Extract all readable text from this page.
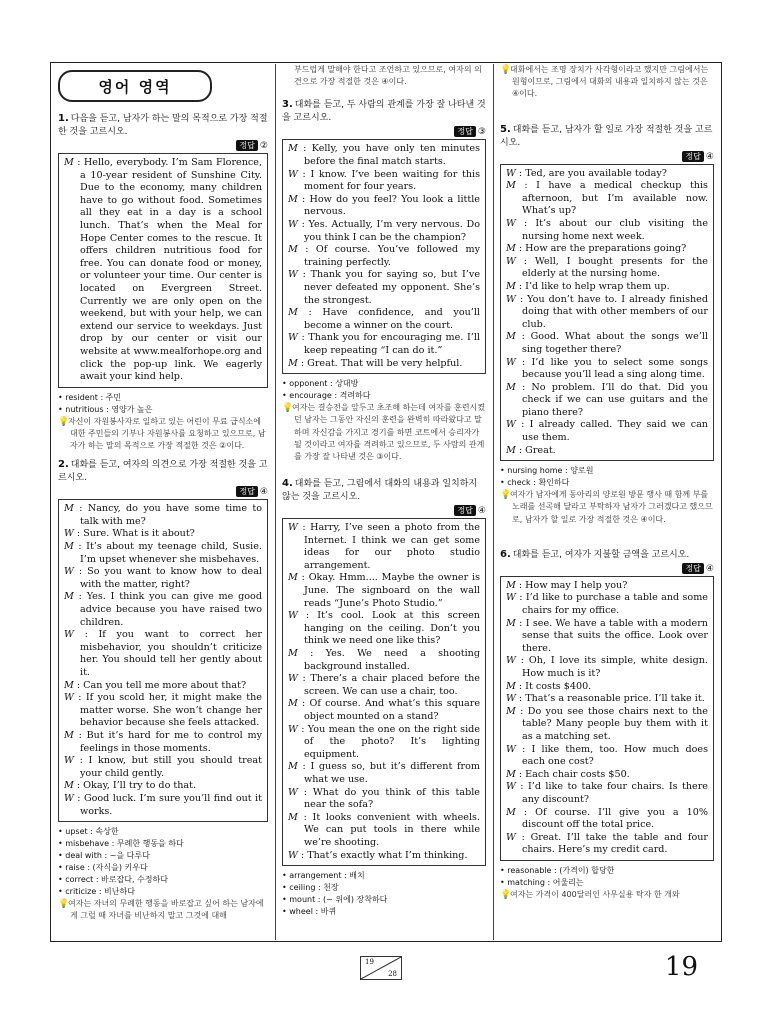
영어 영역

1. 다음을 듣고, 남자가 하는 말의 목적으로 가장 적절한 것을 고르시오.

정답 ②
M : Hello, everybody. I’m Sam Florence, a 10-year resident of Sunshine City. Due to the economy, many children have to go without food. Sometimes all they eat in a day is a school lunch. That’s when the Meal for Hope Center comes to the rescue. It offers children nutritious food for free. You can donate food or money, or volunteer your time. Our center is located on Evergreen Street. Currently we are only open on the weekend, but with your help, we can extend our service to weekdays. Just drop by our center or visit our website at www.mealforhope.org and click the pop-up link. We eagerly await your kind help.
• resident : 주민
• nutritious : 영양가 높은

💡자신이 자원봉사자로 일하고 있는 어린이 무료 급식소에 대한 주민들의 기부나 자원봉사를 요청하고 있으므로, 남자가 하는 말의 목적으로 가장 적절한 것은 ②이다.

2. 대화를 듣고, 여자의 의견으로 가장 적절한 것을 고르시오.

정답 ④
M : Nancy, do you have some time to talk with me?
W : Sure. What is it about?
M : It’s about my teenage child, Susie. I’m upset whenever she misbehaves.
W : So you want to know how to deal with the matter, right?
M : Yes. I think you can give me good advice because you have raised two children.
W : If you want to correct her misbehavior, you shouldn’t criticize her. You should tell her gently about it.
M : Can you tell me more about that?
W : If you scold her, it might make the matter worse. She won’t change her behavior because she feels attacked.
M : But it’s hard for me to control my feelings in those moments.
W : I know, but still you should treat your child gently.
M : Okay, I’ll try to do that.
W : Good luck. I’m sure you’ll find out it works.
• upset : 속상한
• misbehave : 무례한 행동을 하다
• deal with : ~을 다루다
• raise : (자식을) 키우다
• correct : 바로잡다, 수정하다
• criticize : 비난하다

💡여자는 자녀의 무례한 행동을 바로잡고 싶어 하는 남자에게 그럴 때 자녀를 비난하지 말고 그것에 대해

부드럽게 말해야 한다고 조언하고 있으므로, 여자의 의견으로 가장 적절한 것은 ④이다.

3. 대화를 듣고, 두 사람의 관계를 가장 잘 나타낸 것을 고르시오.

정답 ③
M : Kelly, you have only ten minutes before the final match starts.
W : I know. I’ve been waiting for this moment for four years.
M : How do you feel? You look a little nervous.
W : Yes. Actually, I’m very nervous. Do you think I can be the champion?
M : Of course. You’ve followed my training perfectly.
W : Thank you for saying so, but I’ve never defeated my opponent. She’s the strongest.
M : Have confidence, and you’ll become a winner on the court.
W : Thank you for encouraging me. I’ll keep repeating “I can do it.”
M : Great. That will be very helpful.
• opponent : 상대방
• encourage : 격려하다

💡여자는 결승전을 앞두고 초조해 하는데 여자를 훈련시켰던 남자는 그동안 자신의 훈련을 완벽히 따라왔다고 말하며 자신감을 가지고 경기를 하면 코트에서 승리자가 될 것이라고 여자를 격려하고 있으므로, 두 사람의 관계를 가장 잘 나타낸 것은 ③이다.

4. 대화를 듣고, 그림에서 대화의 내용과 일치하지 않는 것을 고르시오.

정답 ④
W : Harry, I’ve seen a photo from the Internet. I think we can get some ideas for our photo studio arrangement.
M : Okay. Hmm.... Maybe the owner is June. The signboard on the wall reads “June’s Photo Studio.”
W : It’s cool. Look at this screen hanging on the ceiling. Don’t you think we need one like this?
M : Yes. We need a shooting background installed.
W : There’s a chair placed before the screen. We can use a chair, too.
M : Of course. And what’s this square object mounted on a stand?
W : You mean the one on the right side of the photo? It’s lighting equipment.
M : I guess so, but it’s different from what we use.
W : What do you think of this table near the sofa?
M : It looks convenient with wheels. We can put tools in there while we’re shooting.
W : That’s exactly what I’m thinking.
• arrangement : 배치
• ceiling : 천장
• mount : (~ 위에) 장착하다
• wheel : 바퀴

💡대화에서는 조명 장치가 사각형이라고 했지만 그림에서는 원형이므로, 그림에서 대화의 내용과 일치하지 않는 것은 ④이다.

5. 대화를 듣고, 남자가 할 일로 가장 적절한 것을 고르시오.

정답 ④
W : Ted, are you available today?
M : I have a medical checkup this afternoon, but I’m available now. What’s up?
W : It’s about our club visiting the nursing home next week.
M : How are the preparations going?
W : Well, I bought presents for the elderly at the nursing home.
M : I’d like to help wrap them up.
W : You don’t have to. I already finished doing that with other members of our club.
M : Good. What about the songs we’ll sing together there?
W : I’d like you to select some songs because you’ll lead a sing along time.
M : No problem. I’ll do that. Did you check if we can use guitars and the piano there?
W : I already called. They said we can use them.
M : Great.
• nursing home : 양로원
• check : 확인하다

💡여자가 남자에게 동아리의 양로원 방문 행사 때 함께 부를 노래를 선곡해 달라고 부탁하자 남자가 그러겠다고 했으므로, 남자가 할 일로 가장 적절한 것은 ④이다.

6. 대화를 듣고, 여자가 지불할 금액을 고르시오.

정답 ④
M : How may I help you?
W : I’d like to purchase a table and some chairs for my office.
M : I see. We have a table with a modern sense that suits the office. Look over there.
W : Oh, I love its simple, white design. How much is it?
M : It costs $400.
W : That’s a reasonable price. I’ll take it.
M : Do you see those chairs next to the table? Many people buy them with it as a matching set.
W : I like them, too. How much does each one cost?
M : Each chair costs $50.
W : I’d like to take four chairs. Is there any discount?
M : Of course. I’ll give you a 10% discount off the total price.
W : Great. I’ll take the table and four chairs. Here’s my credit card.
• reasonable : (가격이) 합당한
• matching : 어울리는

💡여자는 가격이 400달러인 사무실용 탁자 한 개와

19
28	19
